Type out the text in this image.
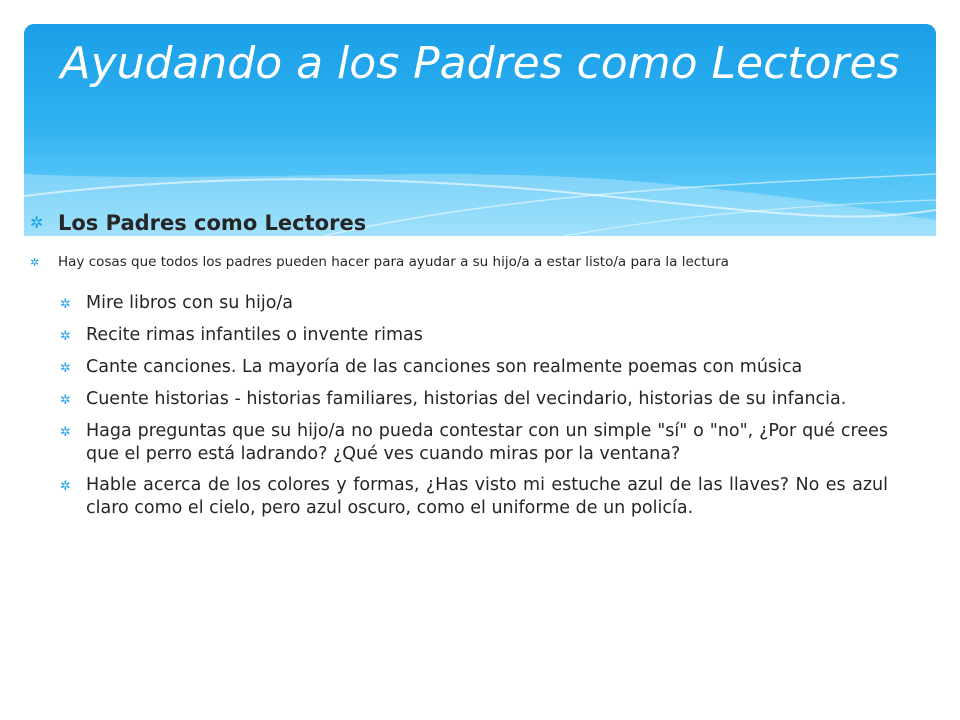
Ayudando a los Padres como Lectores
✲ Los Padres como Lectores
✲	Hay cosas que todos los padres pueden hacer para ayudar a su hijo/a a estar listo/a para la lectura
✲ Mire libros con su hijo/a
✲ Recite rimas infantiles o invente rimas
✲ Cante canciones. La mayoría de las canciones son realmente poemas con música
✲ Cuente historias - historias familiares, historias del vecindario, historias de su infancia.
✲ Haga preguntas que su hijo/a no pueda contestar con un simple "sí" o "no", ¿Por qué crees que el perro está ladrando? ¿Qué ves cuando miras por la ventana?
✲ Hable acerca de los colores y formas, ¿Has visto mi estuche azul de las llaves? No es azul claro como el cielo, pero azul oscuro, como el uniforme de un policía.
